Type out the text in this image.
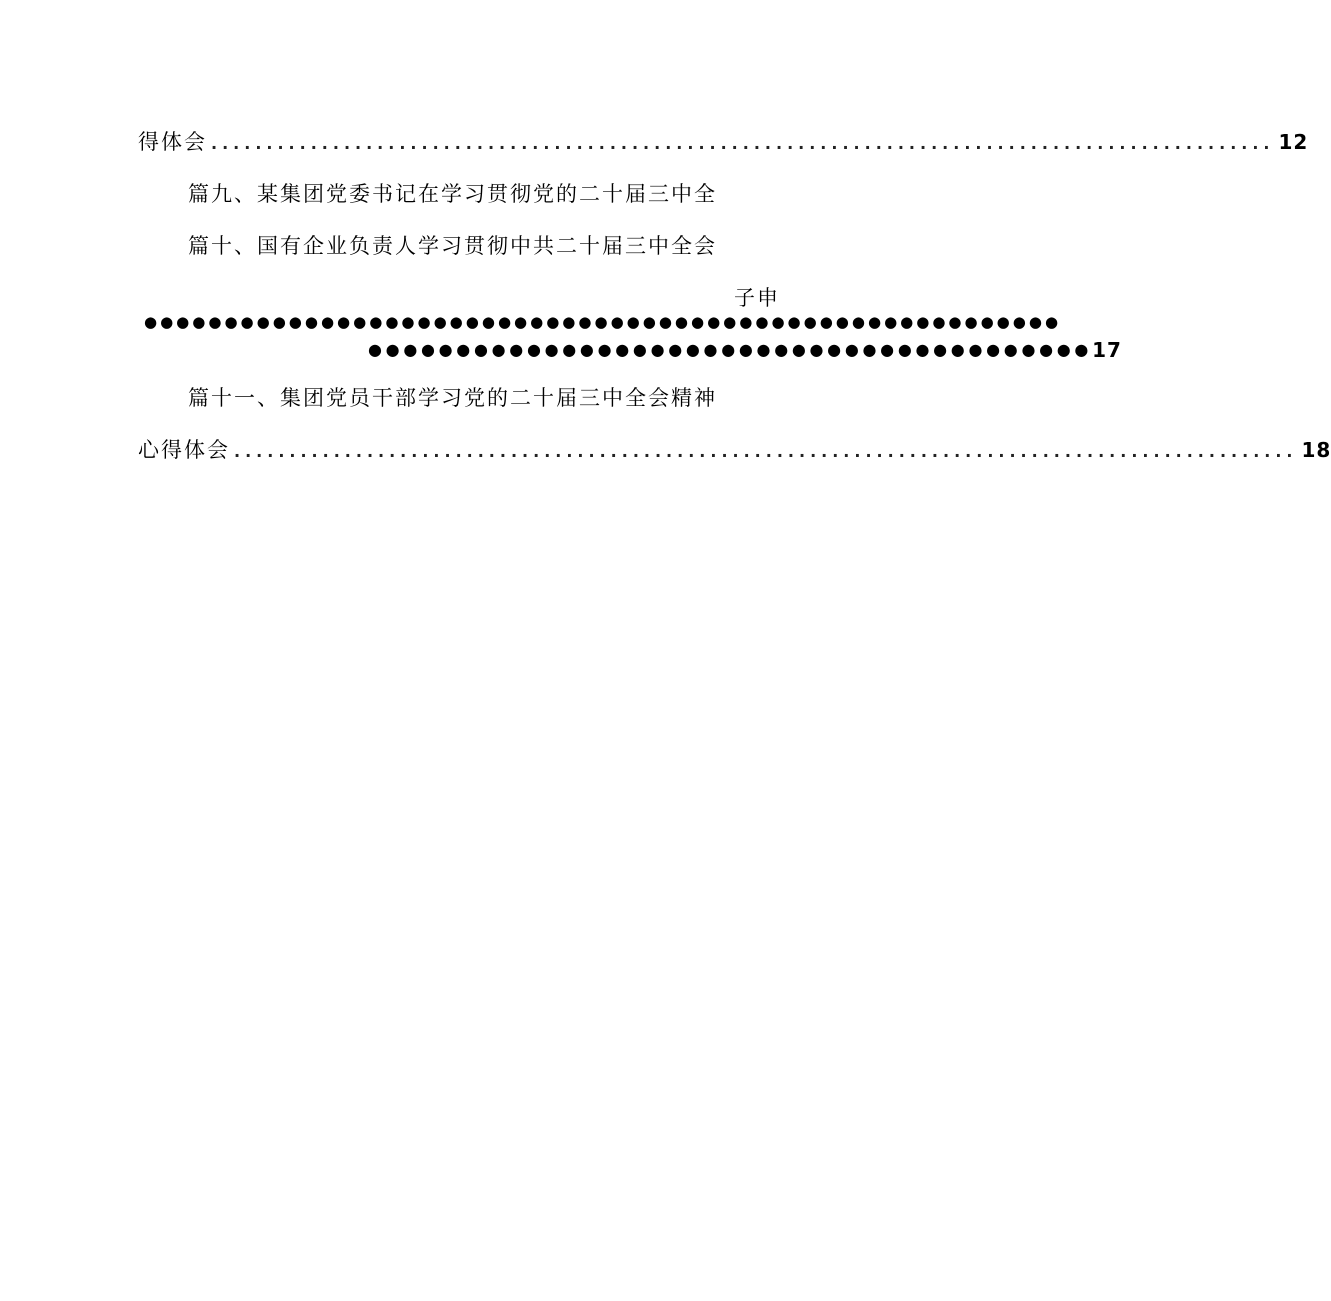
得体会 ................................................................................................ 12
篇九、某集团党委书记在学习贯彻党的二十届三中全
篇十、国有企业负责人学习贯彻中共二十届三中全会
子申
●●●●●●●●●●●●●●●●●●●●●●●●●●●●●●●●●●●●●●●●●●●●●●●●●●●●●●●●●
●●●●●●●●●●●●●●●●●●●●●●●●●●●●●●●●●●●●●●●●● 17
篇十一、集团党员干部学习党的二十届三中全会精神
心得体会 ................................................................................................ 18
